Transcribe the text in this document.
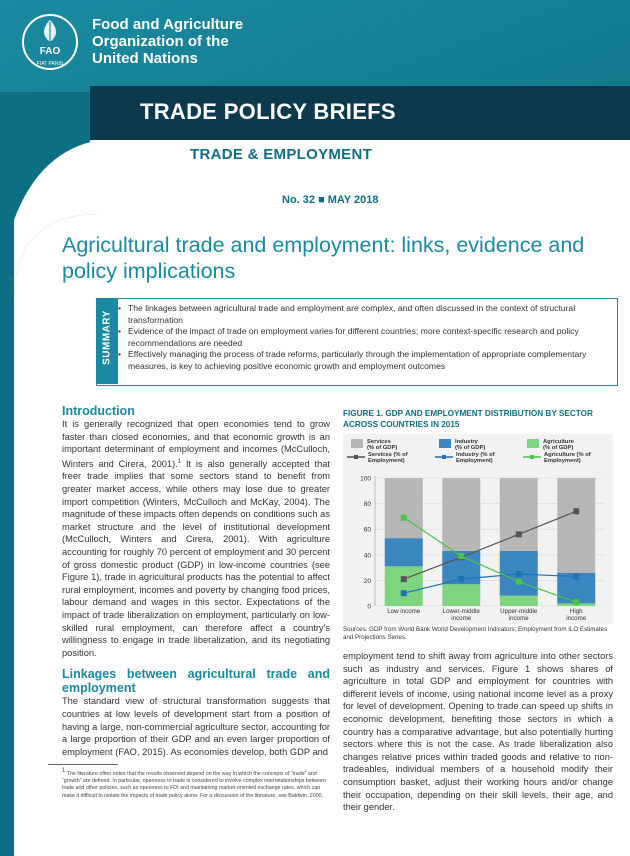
FAO
FIAT PANIS
Food and Agriculture
Organization of the
United Nations
TRADE POLICY BRIEFS
TRADE & EMPLOYMENT
No. 32 ■ MAY 2018
Agricultural trade and employment: links, evidence and policy implications
SUMMARY
• The linkages between agricultural trade and employment are complex, and often discussed in the context of structural transformation
• Evidence of the impact of trade on employment varies for different countries; more context-specific research and policy recommendations are needed
• Effectively managing the process of trade reforms, particularly through the implementation of appropriate complementary measures, is key to achieving positive economic growth and employment outcomes
Introduction
It is generally recognized that open economies tend to grow faster than closed economies, and that economic growth is an important determinant of employment and incomes (McCulloch, Winters and Cirera, 2001).$^1$ It is also generally accepted that freer trade implies that some sectors stand to benefit from greater market access, while others may lose due to greater import competition (Winters, McCulloch and McKay, 2004). The magnitude of these impacts often depends on conditions such as market structure and the level of institutional development (McCulloch, Winters and Cirera, 2001). With agriculture accounting for roughly 70 percent of employment and 30 percent of gross domestic product (GDP) in low-income countries (see Figure 1), trade in agricultural products has the potential to affect rural employment, incomes and poverty by changing food prices, labour demand and wages in this sector. Expectations of the impact of trade liberalization on employment, particularly on low-skilled rural employment, can therefore affect a country's willingness to engage in trade liberalization, and its negotiating position.
Linkages between agricultural trade and employment
The standard view of structural transformation suggests that countries at low levels of development start from a position of having a large, non-commercial agriculture sector, accounting for a large proportion of their GDP and an even larger proportion of employment (FAO, 2015). As economies develop, both GDP and
1 The literature often notes that the results observed depend on the way in which the concepts of “trade” and “growth” are defined. In particular, openness to trade is considered to involve complex interrelationships between trade and other policies, such as openness to FDI and maintaining market-oriented exchange rates, which can make it difficult to isolate the impacts of trade policy alone. For a discussion of the literature, see Baldwin, 2000.
FIGURE 1. GDP AND EMPLOYMENT DISTRIBUTION BY SECTOR ACROSS COUNTRIES IN 2015
0
20
40
60
80
100
Services
(% of GDP)
Industry
(% of GDP)
Agriculture
(% of GDP)
Services (% of
Employment)
Industry (% of
Employment)
Agriculture (% of
Employment)
Low income	Lower-middle
income
Upper-middle
income
High
income
Sources: GDP from World Bank World Development Indicators; Employment from ILO Estimates and Projections Series.
employment tend to shift away from agriculture into other sectors such as industry and services. Figure 1 shows shares of agriculture in total GDP and employment for countries with different levels of income, using national income level as a proxy for level of development. Opening to trade can speed up shifts in economic development, benefiting those sectors in which a country has a comparative advantage, but also potentially hurting sectors where this is not the case. As trade liberalization also changes relative prices within traded goods and relative to non-tradeables, individual members of a household modify their consumption basket, adjust their working hours and/or change their occupation, depending on their skill levels, their age, and their gender.
